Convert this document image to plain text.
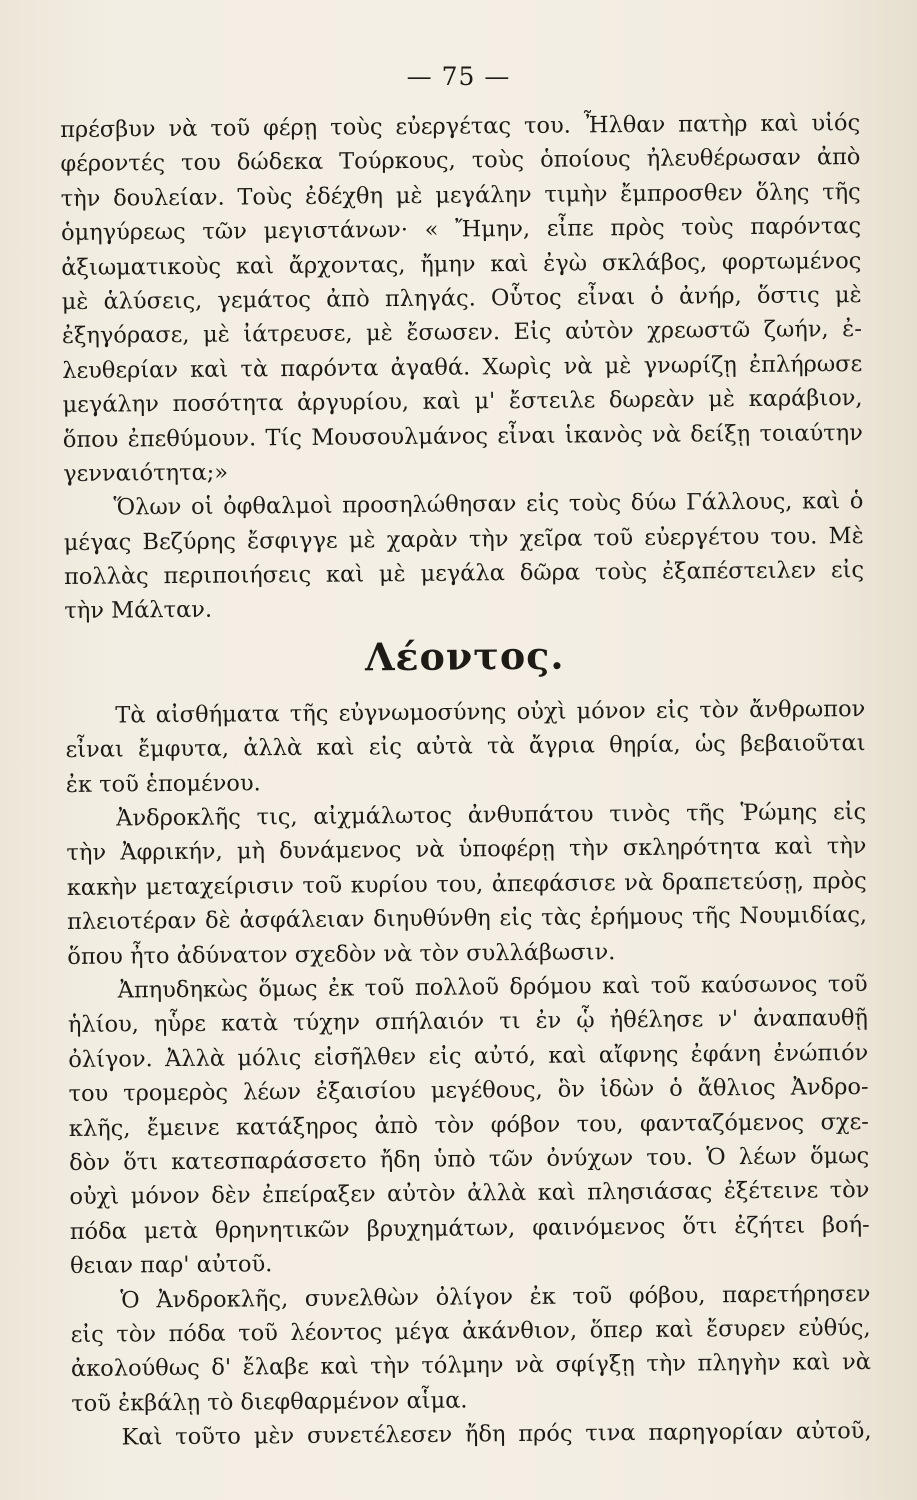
— 75 —
πρέσβυν νὰ τοῦ φέρῃ τοὺς εὐεργέτας του. Ἦλθαν πατὴρ καὶ υἱός
φέροντές του δώδεκα Τούρκους, τοὺς ὁποίους ἠλευθέρωσαν ἀπὸ
τὴν δουλείαν. Τοὺς ἐδέχθη μὲ μεγάλην τιμὴν ἔμπροσθεν ὅλης τῆς
ὁμηγύρεως τῶν μεγιστάνων· « Ἤμην, εἶπε πρὸς τοὺς παρόντας
ἀξιωματικοὺς καὶ ἄρχοντας, ἤμην καὶ ἐγὼ σκλάβος, φορτωμένος
μὲ ἁλύσεις, γεμάτος ἀπὸ πληγάς. Οὗτος εἶναι ὁ ἀνήρ, ὅστις μὲ
ἐξηγόρασε, μὲ ἰάτρευσε, μὲ ἔσωσεν. Εἰς αὐτὸν χρεωστῶ ζωήν, ἐ-
λευθερίαν καὶ τὰ παρόντα ἀγαθά. Χωρὶς νὰ μὲ γνωρίζῃ ἐπλήρωσε
μεγάλην ποσότητα ἀργυρίου, καὶ μ' ἔστειλε δωρεὰν μὲ καράβιον,
ὅπου ἐπεθύμουν. Τίς Μουσουλμάνος εἶναι ἱκανὸς νὰ δείξῃ τοιαύτην
γενναιότητα;»
Ὅλων οἱ ὀφθαλμοὶ προσηλώθησαν εἰς τοὺς δύω Γάλλους, καὶ ὁ
μέγας Βεζύρης ἔσφιγγε μὲ χαρὰν τὴν χεῖρα τοῦ εὐεργέτου του. Μὲ
πολλὰς περιποιήσεις καὶ μὲ μεγάλα δῶρα τοὺς ἐξαπέστειλεν εἰς
τὴν Μάλταν.
Λέοντος.
Τὰ αἰσθήματα τῆς εὐγνωμοσύνης οὐχὶ μόνον εἰς τὸν ἄνθρωπον
εἶναι ἔμφυτα, ἀλλὰ καὶ εἰς αὐτὰ τὰ ἄγρια θηρία, ὡς βεβαιοῦται
ἐκ τοῦ ἑπομένου.
Ἀνδροκλῆς τις, αἰχμάλωτος ἀνθυπάτου τινὸς τῆς Ῥώμης εἰς
τὴν Ἀφρικήν, μὴ δυνάμενος νὰ ὑποφέρῃ τὴν σκληρότητα καὶ τὴν
κακὴν μεταχείρισιν τοῦ κυρίου του, ἀπεφάσισε νὰ δραπετεύσῃ, πρὸς
πλειοτέραν δὲ ἀσφάλειαν διηυθύνθη εἰς τὰς ἐρήμους τῆς Νουμιδίας,
ὅπου ἦτο ἀδύνατον σχεδὸν νὰ τὸν συλλάβωσιν.
Ἀπηυδηκὼς ὅμως ἐκ τοῦ πολλοῦ δρόμου καὶ τοῦ καύσωνος τοῦ
ἡλίου, ηὗρε κατὰ τύχην σπήλαιόν τι ἐν ᾧ ἠθέλησε ν' ἀναπαυθῇ
ὀλίγον. Ἀλλὰ μόλις εἰσῆλθεν εἰς αὐτό, καὶ αἴφνης ἐφάνη ἐνώπιόν
του τρομερὸς λέων ἐξαισίου μεγέθους, ὃν ἰδὼν ὁ ἄθλιος Ἀνδρο-
κλῆς, ἔμεινε κατάξηρος ἀπὸ τὸν φόβον του, φανταζόμενος σχε-
δὸν ὅτι κατεσπαράσσετο ἤδη ὑπὸ τῶν ὀνύχων του. Ὁ λέων ὅμως
οὐχὶ μόνον δὲν ἐπείραξεν αὐτὸν ἀλλὰ καὶ πλησιάσας ἐξέτεινε τὸν
πόδα μετὰ θρηνητικῶν βρυχημάτων, φαινόμενος ὅτι ἐζήτει βοή-
θειαν παρ' αὐτοῦ.
Ὁ Ἀνδροκλῆς, συνελθὼν ὀλίγον ἐκ τοῦ φόβου, παρετήρησεν
εἰς τὸν πόδα τοῦ λέοντος μέγα ἀκάνθιον, ὅπερ καὶ ἔσυρεν εὐθύς,
ἀκολούθως δ' ἔλαβε καὶ τὴν τόλμην νὰ σφίγξῃ τὴν πληγὴν καὶ νὰ
τοῦ ἐκβάλῃ τὸ διεφθαρμένον αἷμα.
Καὶ τοῦτο μὲν συνετέλεσεν ἤδη πρός τινα παρηγορίαν αὐτοῦ,
